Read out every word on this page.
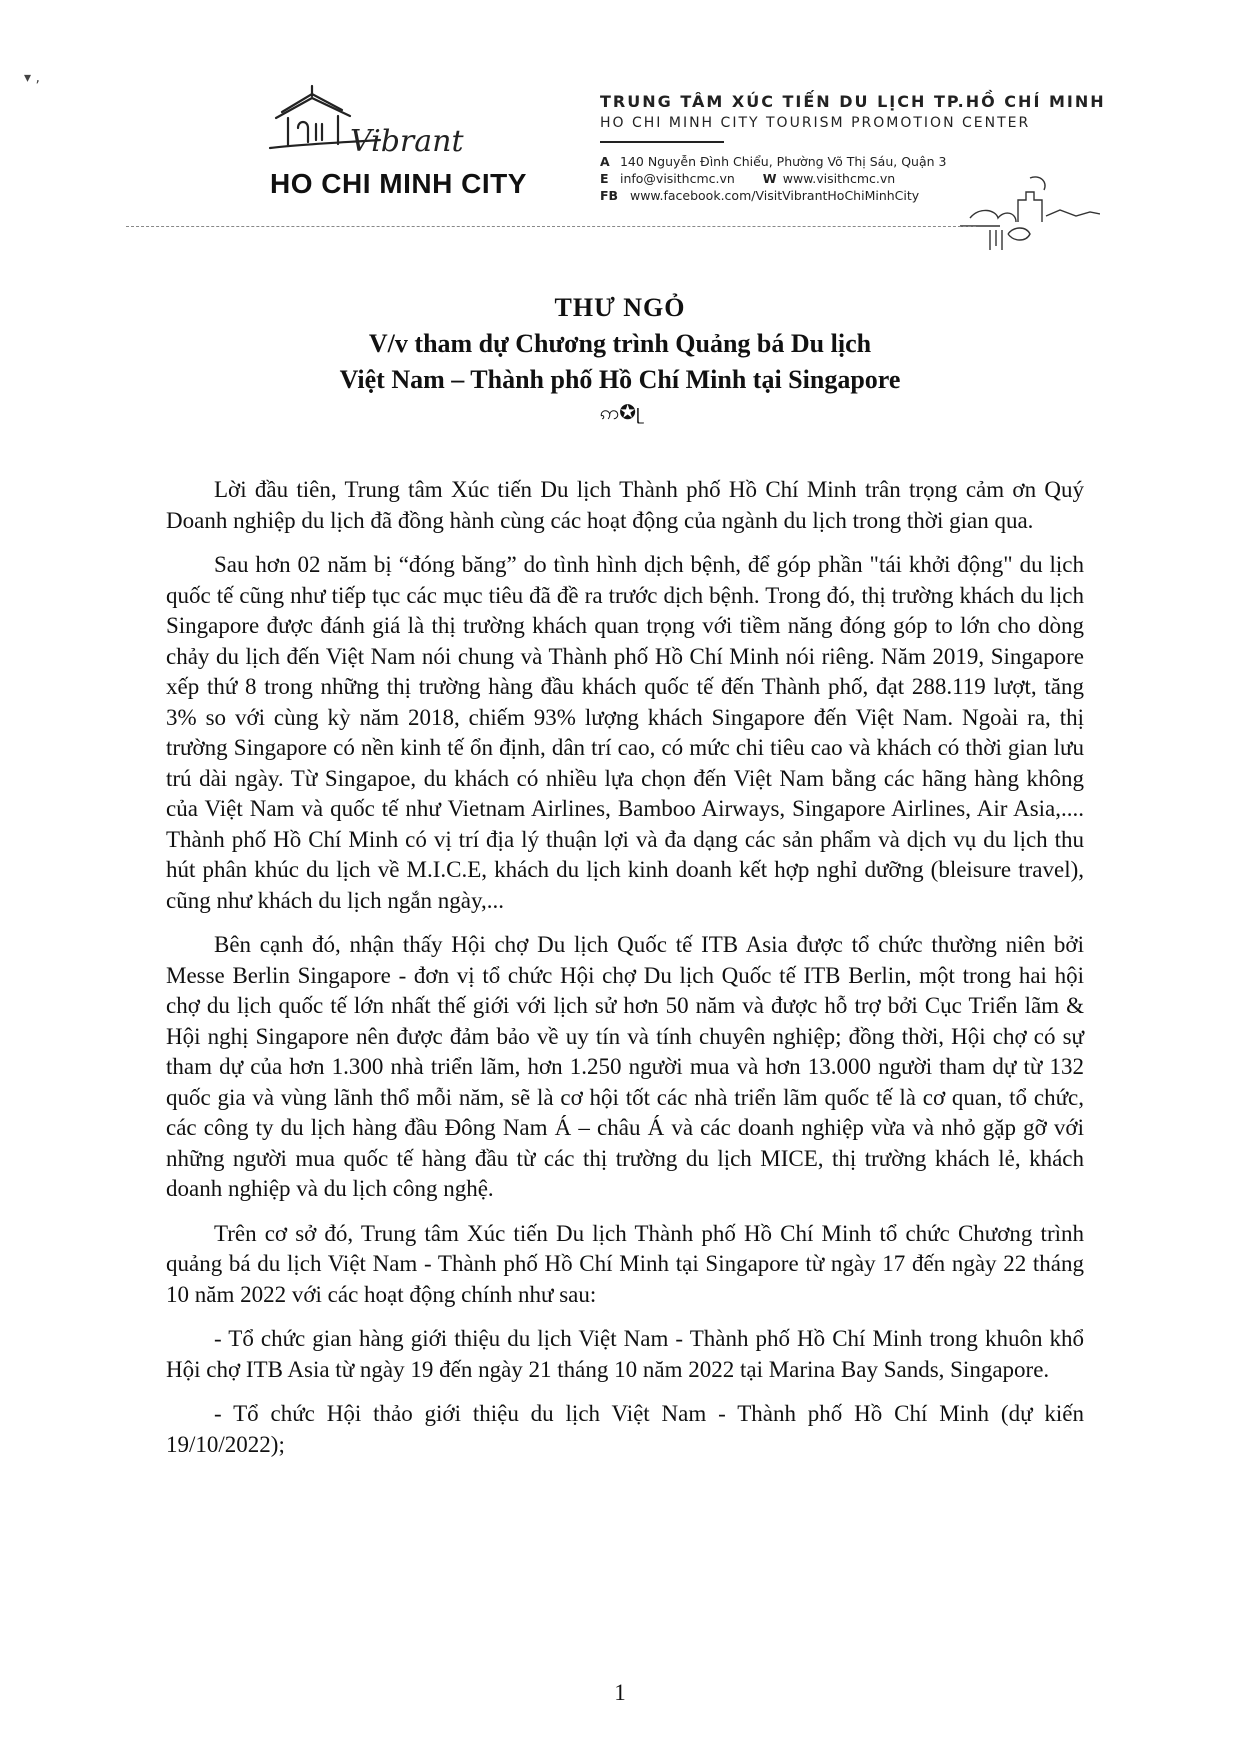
▾ ,
Vibrant
HO CHI MINH CITY
TRUNG TÂM XÚC TIẾN DU LỊCH TP.HỒ CHÍ MINH
HO CHI MINH CITY TOURISM PROMOTION CENTER
A 140 Nguyễn Đình Chiểu, Phường Võ Thị Sáu, Quận 3
E info@visithcmc.vn W www.visithcmc.vn
FB www.facebook.com/VisitVibrantHoChiMinhCity
THƯ NGỎ
V/v tham dự Chương trình Quảng bá Du lịch
Việt Nam – Thành phố Hồ Chí Minh tại Singapore
ဢ✪ᥨ

Lời đầu tiên, Trung tâm Xúc tiến Du lịch Thành phố Hồ Chí Minh trân trọng cảm ơn Quý Doanh nghiệp du lịch đã đồng hành cùng các hoạt động của ngành du lịch trong thời gian qua.

Sau hơn 02 năm bị “đóng băng” do tình hình dịch bệnh, để góp phần "tái khởi động" du lịch quốc tế cũng như tiếp tục các mục tiêu đã đề ra trước dịch bệnh. Trong đó, thị trường khách du lịch Singapore được đánh giá là thị trường khách quan trọng với tiềm năng đóng góp to lớn cho dòng chảy du lịch đến Việt Nam nói chung và Thành phố Hồ Chí Minh nói riêng. Năm 2019, Singapore xếp thứ 8 trong những thị trường hàng đầu khách quốc tế đến Thành phố, đạt 288.119 lượt, tăng 3% so với cùng kỳ năm 2018, chiếm 93% lượng khách Singapore đến Việt Nam. Ngoài ra, thị trường Singapore có nền kinh tế ổn định, dân trí cao, có mức chi tiêu cao và khách có thời gian lưu trú dài ngày. Từ Singapoe, du khách có nhiều lựa chọn đến Việt Nam bằng các hãng hàng không của Việt Nam và quốc tế như Vietnam Airlines, Bamboo Airways, Singapore Airlines, Air Asia,.... Thành phố Hồ Chí Minh có vị trí địa lý thuận lợi và đa dạng các sản phẩm và dịch vụ du lịch thu hút phân khúc du lịch về M.I.C.E, khách du lịch kinh doanh kết hợp nghỉ dưỡng (bleisure travel), cũng như khách du lịch ngắn ngày,...

Bên cạnh đó, nhận thấy Hội chợ Du lịch Quốc tế ITB Asia được tổ chức thường niên bởi Messe Berlin Singapore - đơn vị tổ chức Hội chợ Du lịch Quốc tế ITB Berlin, một trong hai hội chợ du lịch quốc tế lớn nhất thế giới với lịch sử hơn 50 năm và được hỗ trợ bởi Cục Triển lãm & Hội nghị Singapore nên được đảm bảo về uy tín và tính chuyên nghiệp; đồng thời, Hội chợ có sự tham dự của hơn 1.300 nhà triển lãm, hơn 1.250 người mua và hơn 13.000 người tham dự từ 132 quốc gia và vùng lãnh thổ mỗi năm, sẽ là cơ hội tốt các nhà triển lãm quốc tế là cơ quan, tổ chức, các công ty du lịch hàng đầu Đông Nam Á – châu Á và các doanh nghiệp vừa và nhỏ gặp gỡ với những người mua quốc tế hàng đầu từ các thị trường du lịch MICE, thị trường khách lẻ, khách doanh nghiệp và du lịch công nghệ.

Trên cơ sở đó, Trung tâm Xúc tiến Du lịch Thành phố Hồ Chí Minh tổ chức Chương trình quảng bá du lịch Việt Nam - Thành phố Hồ Chí Minh tại Singapore từ ngày 17 đến ngày 22 tháng 10 năm 2022 với các hoạt động chính như sau:

- Tổ chức gian hàng giới thiệu du lịch Việt Nam - Thành phố Hồ Chí Minh trong khuôn khổ Hội chợ ITB Asia từ ngày 19 đến ngày 21 tháng 10 năm 2022 tại Marina Bay Sands, Singapore.

- Tổ chức Hội thảo giới thiệu du lịch Việt Nam - Thành phố Hồ Chí Minh (dự kiến 19/10/2022);

1
